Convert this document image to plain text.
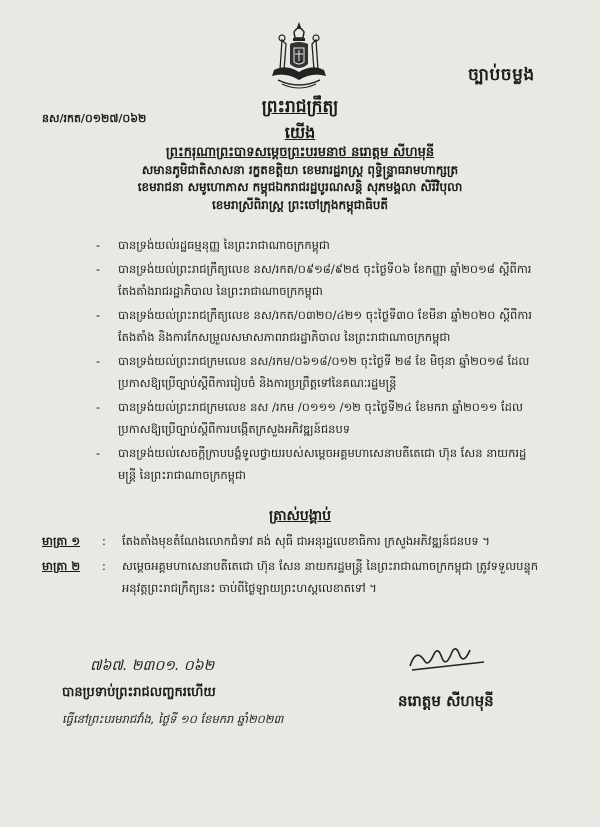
ច្បាប់ចម្លង
ព្រះរាជក្រឹត្យ
នស/រកត/០១២៧/០៦២
យើង
ព្រះករុណាព្រះបាទសម្តេចព្រះបរមនាថ នរោត្តម សីហមុនី
សមានភូមិជាតិសាសនា រក្ខតខត្តិយា ខេមរារដ្ឋរាស្ត្រ ពុទ្ធិន្ទ្រាធរាមហាក្សត្រ
ខេមរាជនា សមូហោភាស កម្ពុជឯករាជរដ្ឋបូរណសន្តិ សុភមង្គលា សិរីវិបុលា
ខេមរាស្រីពិរាស្ត្រ ព្រះចៅក្រុងកម្ពុជាធិបតី
- បានទ្រង់យល់រដ្ឋធម្មនុញ្ញ នៃព្រះរាជាណាចក្រកម្ពុជា
- បានទ្រង់យល់ព្រះរាជក្រឹត្យលេខ នស/រកត/០៩១៨/៩២៥ ចុះថ្ងៃទី០៦ ខែកញ្ញា ឆ្នាំ២០១៨ ស្តីពីការតែងតាំងរាជរដ្ឋាភិបាល នៃព្រះរាជាណាចក្រកម្ពុជា
- បានទ្រង់យល់ព្រះរាជក្រឹត្យលេខ នស/រកត/០៣២០/៤២១ ចុះថ្ងៃទី៣០ ខែមីនា ឆ្នាំ២០២០ ស្តីពីការ តែងតាំង និងការកែសម្រួលសមាសភាពរាជរដ្ឋាភិបាល នៃព្រះរាជាណាចក្រកម្ពុជា
- បានទ្រង់យល់ព្រះរាជក្រមលេខ នស/រកម/០៦១៨/០១២ ចុះថ្ងៃទី ២៨ ខែ មិថុនា ឆ្នាំ២០១៨ ដែលប្រកាសឱ្យប្រើច្បាប់ស្តីពីការរៀបចំ និងការប្រព្រឹត្តទៅនៃគណៈរដ្ឋមន្ត្រី
- បានទ្រង់យល់ព្រះរាជក្រមលេខ នស /រកម /០១១១ /១២ ចុះថ្ងៃទី២៤ ខែមករា ឆ្នាំ២០១១ ដែលប្រកាសឱ្យប្រើច្បាប់ស្តីពីការបង្កើតក្រសួងអភិវឌ្ឍន៍ជនបទ
- បានទ្រង់យល់សេចក្តីក្រាបបង្គំទូលថ្វាយរបស់សម្តេចអគ្គមហាសេនាបតីតេជោ ហ៊ុន សែន នាយករដ្ឋមន្ត្រី នៃព្រះរាជាណាចក្រកម្ពុជា
ត្រាស់បង្គាប់
មាត្រា ១ : តែងតាំងមុខតំណែងលោកជំទាវ គង់ សុធី ជាអនុរដ្ឋលេខាធិការ ក្រសួងអភិវឌ្ឍន៍ជនបទ ។
មាត្រា ២ : សម្តេចអគ្គមហាសេនាបតីតេជោ ហ៊ុន សែន នាយករដ្ឋមន្ត្រី នៃព្រះរាជាណាចក្រកម្ពុជា ត្រូវទទួលបន្ទុកអនុវត្តព្រះរាជក្រឹត្យនេះ ចាប់ពីថ្ងៃឡាយព្រះហស្តលេខាតទៅ ។
៧៦៧. ២៣០១. ០៦២
បានប្រទាប់ព្រះរាជលញ្ចករហើយ	នរោត្តម សីហមុនី
ធ្វើនៅព្រះបរមរាជវាំង, ថ្ងៃទី ១០ ខែមករា ឆ្នាំ២០២៣
